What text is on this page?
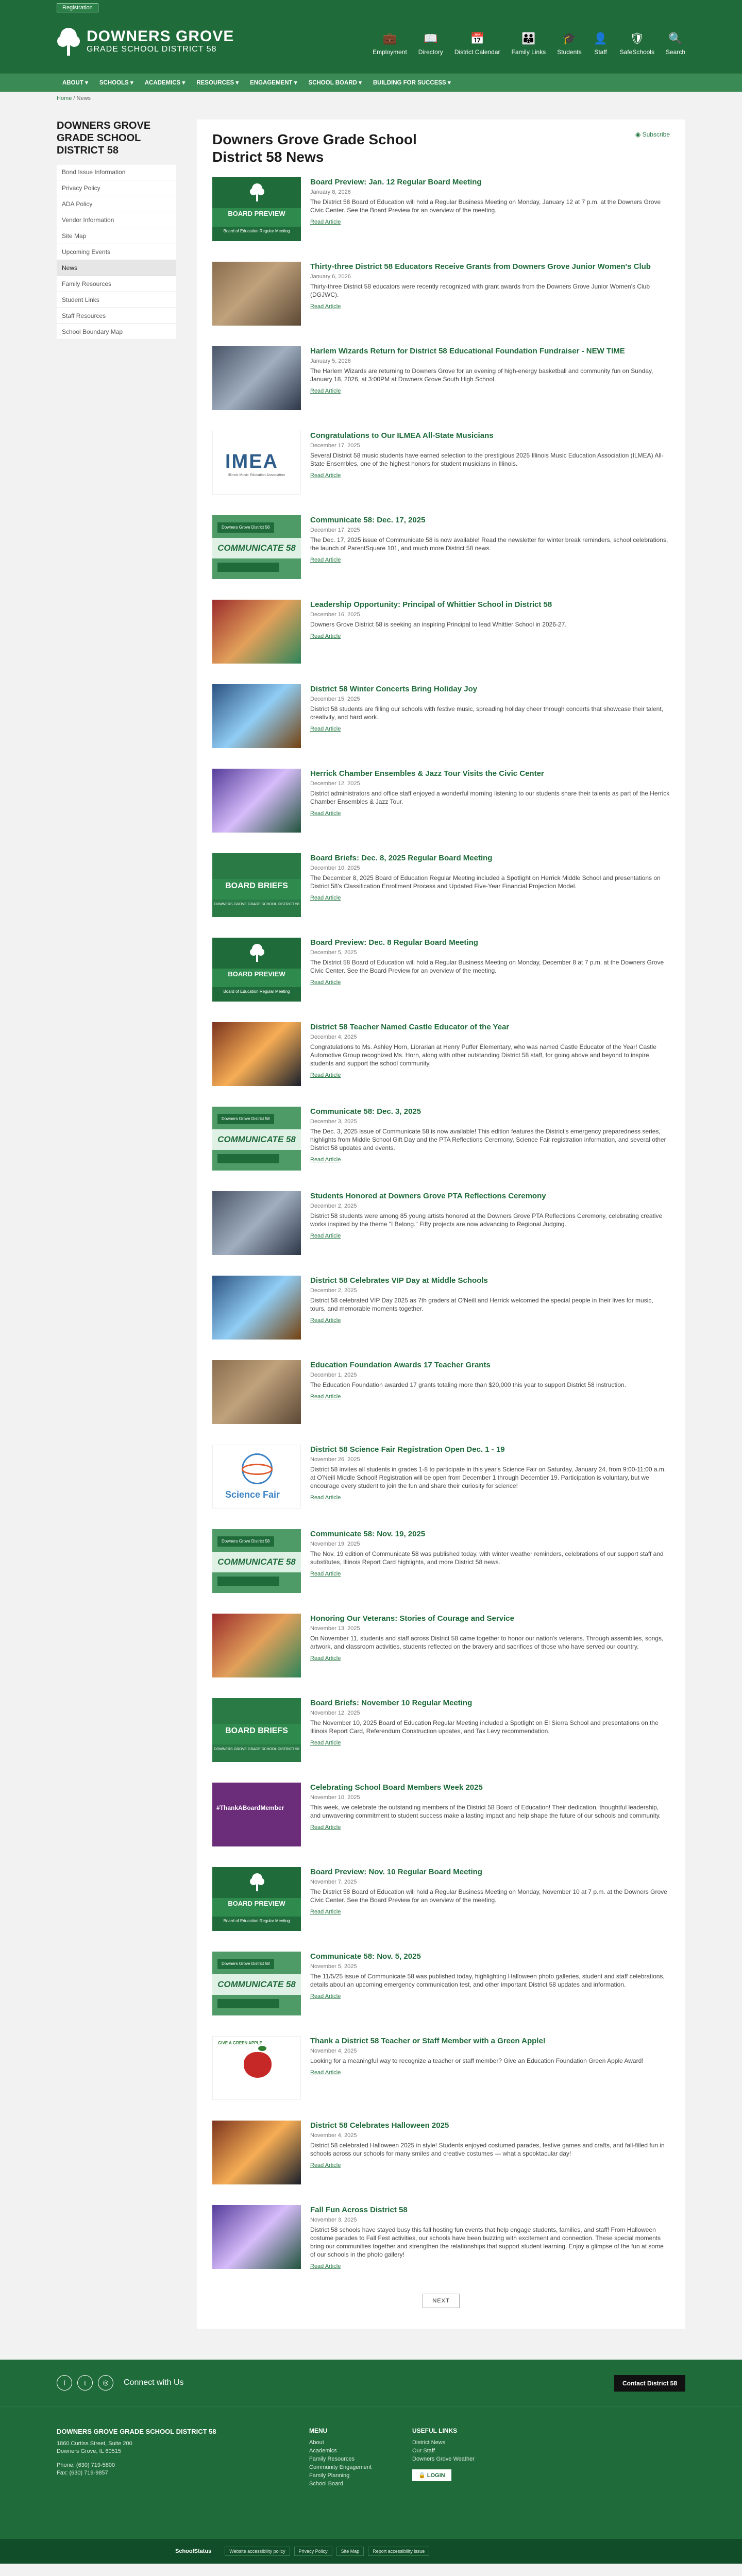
Registration
DOWNERS GROVE
GRADE SCHOOL DISTRICT 58
💼
Employment
📖
Directory
📅
District Calendar
👪
Family Links
🎓
Students
👤
Staff
🛡
SafeSchools
🔍
Search
ABOUT ▾	SCHOOLS ▾	ACADEMICS ▾	RESOURCES ▾	ENGAGEMENT ▾	SCHOOL BOARD ▾	BUILDING FOR SUCCESS ▾
Home / News
DOWNERS GROVE GRADE SCHOOL DISTRICT 58
Bond Issue Information
Privacy Policy
ADA Policy
Vendor Information
Site Map
Upcoming Events
News
Family Resources
Student Links
Staff Resources
School Boundary Map
Downers Grove Grade School District 58 News
◉ Subscribe
BOARD PREVIEW
Board of Education Regular Meeting
Board Preview: Jan. 12 Regular Board Meeting
January 8, 2026
The District 58 Board of Education will hold a Regular Business Meeting on Monday, January 12 at 7 p.m. at the Downers Grove Civic Center. See the Board Preview for an overview of the meeting.
Read Article
Thirty-three District 58 Educators Receive Grants from Downers Grove Junior Women's Club
January 6, 2026
Thirty-three District 58 educators were recently recognized with grant awards from the Downers Grove Junior Women's Club (DGJWC).
Read Article
Harlem Wizards Return for District 58 Educational Foundation Fundraiser - NEW TIME
January 5, 2026
The Harlem Wizards are returning to Downers Grove for an evening of high-energy basketball and community fun on Sunday, January 18, 2026, at 3:00PM at Downers Grove South High School.
Read Article
IMEA
Illinois Music Education Association
Congratulations to Our ILMEA All-State Musicians
December 17, 2025
Several District 58 music students have earned selection to the prestigious 2025 Illinois Music Education Association (ILMEA) All-State Ensembles, one of the highest honors for student musicians in Illinois.
Read Article
Downers Grove District 58
COMMUNICATE 58
Communicate 58: Dec. 17, 2025
December 17, 2025
The Dec. 17, 2025 issue of Communicate 58 is now available! Read the newsletter for winter break reminders, school celebrations, the launch of ParentSquare 101, and much more District 58 news.
Read Article
Leadership Opportunity: Principal of Whittier School in District 58
December 16, 2025
Downers Grove District 58 is seeking an inspiring Principal to lead Whittier School in 2026-27.
Read Article
District 58 Winter Concerts Bring Holiday Joy
December 15, 2025
District 58 students are filling our schools with festive music, spreading holiday cheer through concerts that showcase their talent, creativity, and hard work.
Read Article
Herrick Chamber Ensembles & Jazz Tour Visits the Civic Center
December 12, 2025
District administrators and office staff enjoyed a wonderful morning listening to our students share their talents as part of the Herrick Chamber Ensembles & Jazz Tour.
Read Article
BOARD BRIEFS
DOWNERS GROVE GRADE SCHOOL DISTRICT 58
Board Briefs: Dec. 8, 2025 Regular Board Meeting
December 10, 2025
The December 8, 2025 Board of Education Regular Meeting included a Spotlight on Herrick Middle School and presentations on District 58's Classification Enrollment Process and Updated Five-Year Financial Projection Model.
Read Article
BOARD PREVIEW
Board of Education Regular Meeting
Board Preview: Dec. 8 Regular Board Meeting
December 5, 2025
The District 58 Board of Education will hold a Regular Business Meeting on Monday, December 8 at 7 p.m. at the Downers Grove Civic Center. See the Board Preview for an overview of the meeting.
Read Article
District 58 Teacher Named Castle Educator of the Year
December 4, 2025
Congratulations to Ms. Ashley Horn, Librarian at Henry Puffer Elementary, who was named Castle Educator of the Year! Castle Automotive Group recognized Ms. Horn, along with other outstanding District 58 staff, for going above and beyond to inspire students and support the school community.
Read Article
Downers Grove District 58
COMMUNICATE 58
Communicate 58: Dec. 3, 2025
December 3, 2025
The Dec. 3, 2025 issue of Communicate 58 is now available! This edition features the District's emergency preparedness series, highlights from Middle School Gift Day and the PTA Reflections Ceremony, Science Fair registration information, and several other District 58 updates and events.
Read Article
Students Honored at Downers Grove PTA Reflections Ceremony
December 2, 2025
District 58 students were among 85 young artists honored at the Downers Grove PTA Reflections Ceremony, celebrating creative works inspired by the theme "I Belong." Fifty projects are now advancing to Regional Judging.
Read Article
District 58 Celebrates VIP Day at Middle Schools
December 2, 2025
District 58 celebrated VIP Day 2025 as 7th graders at O'Neill and Herrick welcomed the special people in their lives for music, tours, and memorable moments together.
Read Article
Education Foundation Awards 17 Teacher Grants
December 1, 2025
The Education Foundation awarded 17 grants totaling more than $20,000 this year to support District 58 instruction.
Read Article
Science Fair
District 58 Science Fair Registration Open Dec. 1 - 19
November 26, 2025
District 58 invites all students in grades 1-8 to participate in this year's Science Fair on Saturday, January 24, from 9:00-11:00 a.m. at O'Neill Middle School! Registration will be open from December 1 through December 19. Participation is voluntary, but we encourage every student to join the fun and share their curiosity for science!
Read Article
Downers Grove District 58
COMMUNICATE 58
Communicate 58: Nov. 19, 2025
November 19, 2025
The Nov. 19 edition of Communicate 58 was published today, with winter weather reminders, celebrations of our support staff and substitutes, Illinois Report Card highlights, and more District 58 news.
Read Article
Honoring Our Veterans: Stories of Courage and Service
November 13, 2025
On November 11, students and staff across District 58 came together to honor our nation's veterans. Through assemblies, songs, artwork, and classroom activities, students reflected on the bravery and sacrifices of those who have served our country.
Read Article
BOARD BRIEFS
DOWNERS GROVE GRADE SCHOOL DISTRICT 58
Board Briefs: November 10 Regular Meeting
November 12, 2025
The November 10, 2025 Board of Education Regular Meeting included a Spotlight on El Sierra School and presentations on the Illinois Report Card, Referendum Construction updates, and Tax Levy recommendation.
Read Article
#ThankABoardMember
Celebrating School Board Members Week 2025
November 10, 2025
This week, we celebrate the outstanding members of the District 58 Board of Education! Their dedication, thoughtful leadership, and unwavering commitment to student success make a lasting impact and help shape the future of our schools and community.
Read Article
BOARD PREVIEW
Board of Education Regular Meeting
Board Preview: Nov. 10 Regular Board Meeting
November 7, 2025
The District 58 Board of Education will hold a Regular Business Meeting on Monday, November 10 at 7 p.m. at the Downers Grove Civic Center. See the Board Preview for an overview of the meeting.
Read Article
Downers Grove District 58
COMMUNICATE 58
Communicate 58: Nov. 5, 2025
November 5, 2025
The 11/5/25 issue of Communicate 58 was published today, highlighting Halloween photo galleries, student and staff celebrations, details about an upcoming emergency communication test, and other important District 58 updates and information.
Read Article
GIVE A GREEN APPLE	Thank a District 58 Teacher or Staff Member with a Green Apple!
November 4, 2025
Looking for a meaningful way to recognize a teacher or staff member? Give an Education Foundation Green Apple Award!
Read Article
District 58 Celebrates Halloween 2025
November 4, 2025
District 58 celebrated Halloween 2025 in style! Students enjoyed costumed parades, festive games and crafts, and fall-filled fun in schools across our schools for many smiles and creative costumes — what a spooktacular day!
Read Article
Fall Fun Across District 58
November 3, 2025
District 58 schools have stayed busy this fall hosting fun events that help engage students, families, and staff! From Halloween costume parades to Fall Fest activities, our schools have been buzzing with excitement and connection. These special moments bring our communities together and strengthen the relationships that support student learning. Enjoy a glimpse of the fun at some of our schools in the photo gallery!
Read Article
NEXT
f	t	◎	Connect with Us	Contact District 58
DOWNERS GROVE GRADE SCHOOL DISTRICT 58

1860 Curtiss Street, Suite 200

Downers Grove, IL 60515

Phone: (630) 719-5800

Fax: (630) 719-9857

MENU
About
Academics
Family Resources
Community Engagement
Family Planning
School Board
USEFUL LINKS
District News
Our Staff
Downers Grove Weather
🔒 LOGIN
SchoolStatus	Website accessibility policy	Privacy Policy	Site Map	Report accessibility issue
